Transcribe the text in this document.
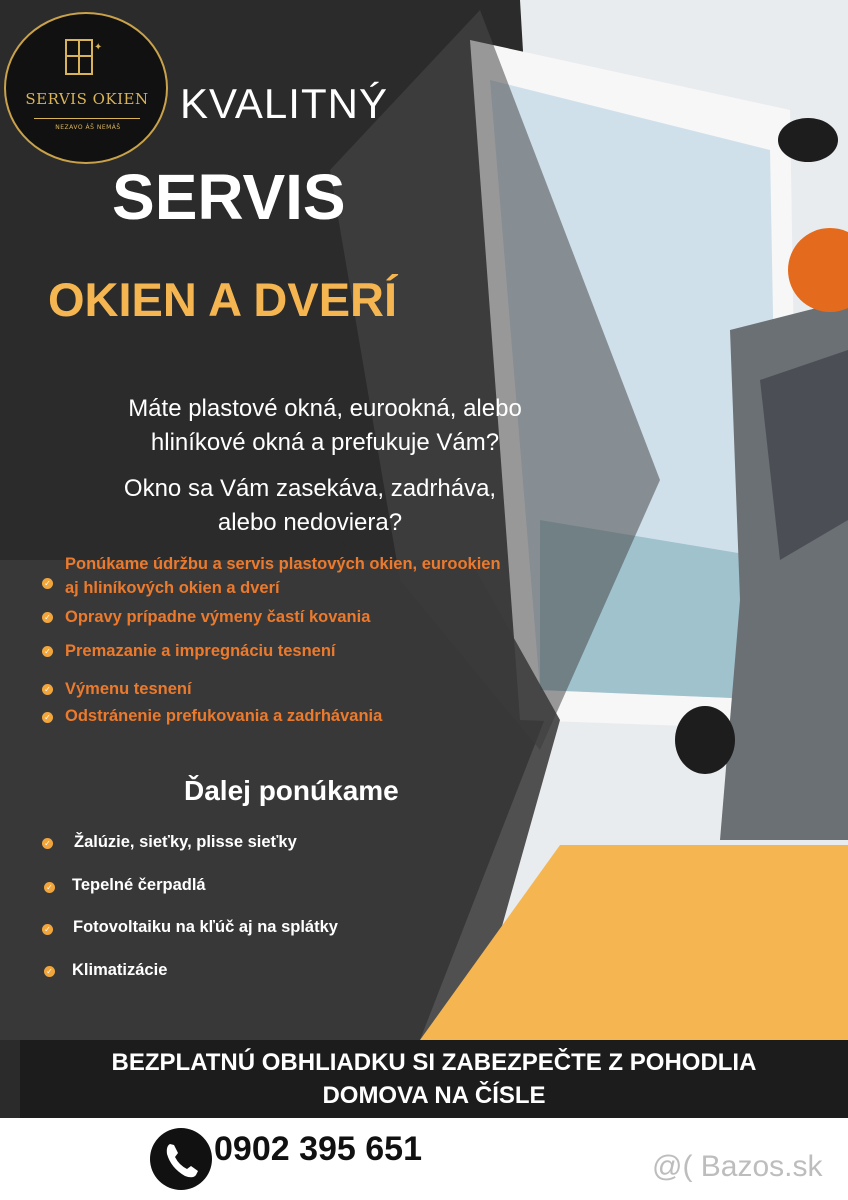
✦
SERVIS OKIEN
NEZAVO ÁŠ NEMÁŠ
KVALITNÝ
SERVIS
OKIEN A DVERÍ
Máte plastové okná, eurookná, alebo
hliníkové okná a prefukuje Vám?
Okno sa Vám zasekáva, zadrháva,
alebo nedoviera?
✓
Ponúkame údržbu a servis plastových okien, eurookien
aj hliníkových okien a dverí
✓ Opravy prípadne výmeny častí kovania
✓ Premazanie a impregnáciu tesnení
✓ Výmenu tesnení
✓ Odstránenie prefukovania a zadrhávania
Ďalej ponúkame
✓ Žalúzie, sieťky, plisse sieťky
✓ Tepelné čerpadlá
✓ Fotovoltaiku na kľúč aj na splátky
✓ Klimatizácie
BEZPLATNÚ OBHLIADKU SI ZABEZPEČTE Z POHODLIA
DOMOVA NA ČÍSLE
0902 395 651	@( Bazos.sk
